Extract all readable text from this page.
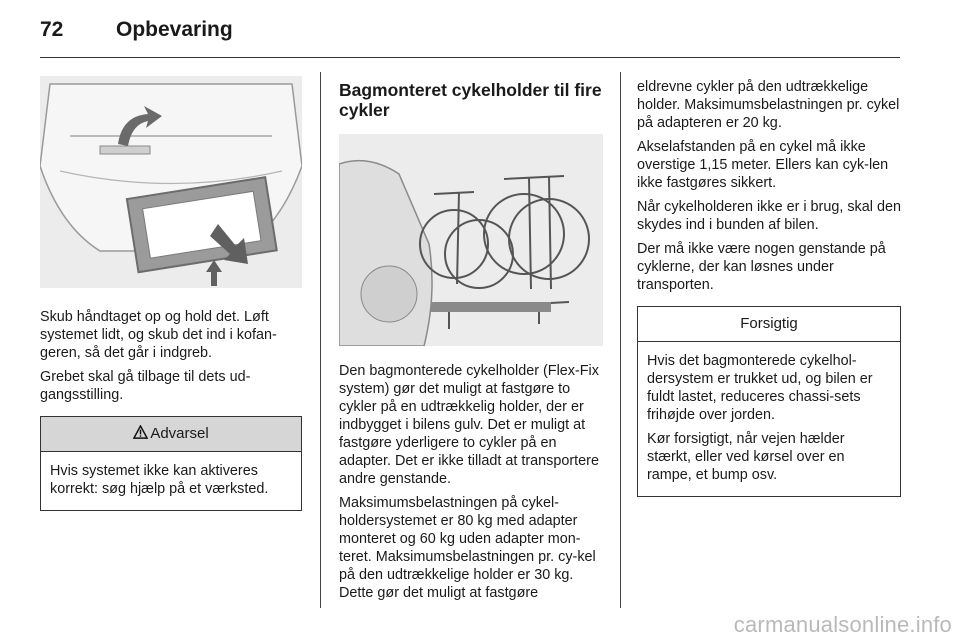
72	Opbevaring

Skub håndtaget op og hold det. Løft systemet lidt, og skub det ind i kofan-geren, så det går i indgreb.

Grebet skal gå tilbage til dets ud-gangsstilling.

Advarsel

Hvis systemet ikke kan aktiveres korrekt: søg hjælp på et værksted.

Bagmonteret cykelholder til fire cykler

Den bagmonterede cykelholder (Flex-Fix system) gør det muligt at fastgøre to cykler på en udtrækkelig holder, der er indbygget i bilens gulv. Det er muligt at fastgøre yderligere to cykler på en adapter. Det er ikke tilladt at transportere andre genstande.

Maksimumsbelastningen på cykel-holdersystemet er 80 kg med adapter monteret og 60 kg uden adapter mon-teret. Maksimumsbelastningen pr. cy-kel på den udtrækkelige holder er 30 kg. Dette gør det muligt at fastgøre

eldrevne cykler på den udtrækkelige holder. Maksimumsbelastningen pr. cykel på adapteren er 20 kg.

Akselafstanden på en cykel må ikke overstige 1,15 meter. Ellers kan cyk-len ikke fastgøres sikkert.

Når cykelholderen ikke er i brug, skal den skydes ind i bunden af bilen.

Der må ikke være nogen genstande på cyklerne, der kan løsnes under transporten.

Forsigtig

Hvis det bagmonterede cykelhol-dersystem er trukket ud, og bilen er fuldt lastet, reduceres chassi-sets frihøjde over jorden.

Kør forsigtigt, når vejen hælder stærkt, eller ved kørsel over en rampe, et bump osv.

carmanualsonline.info
